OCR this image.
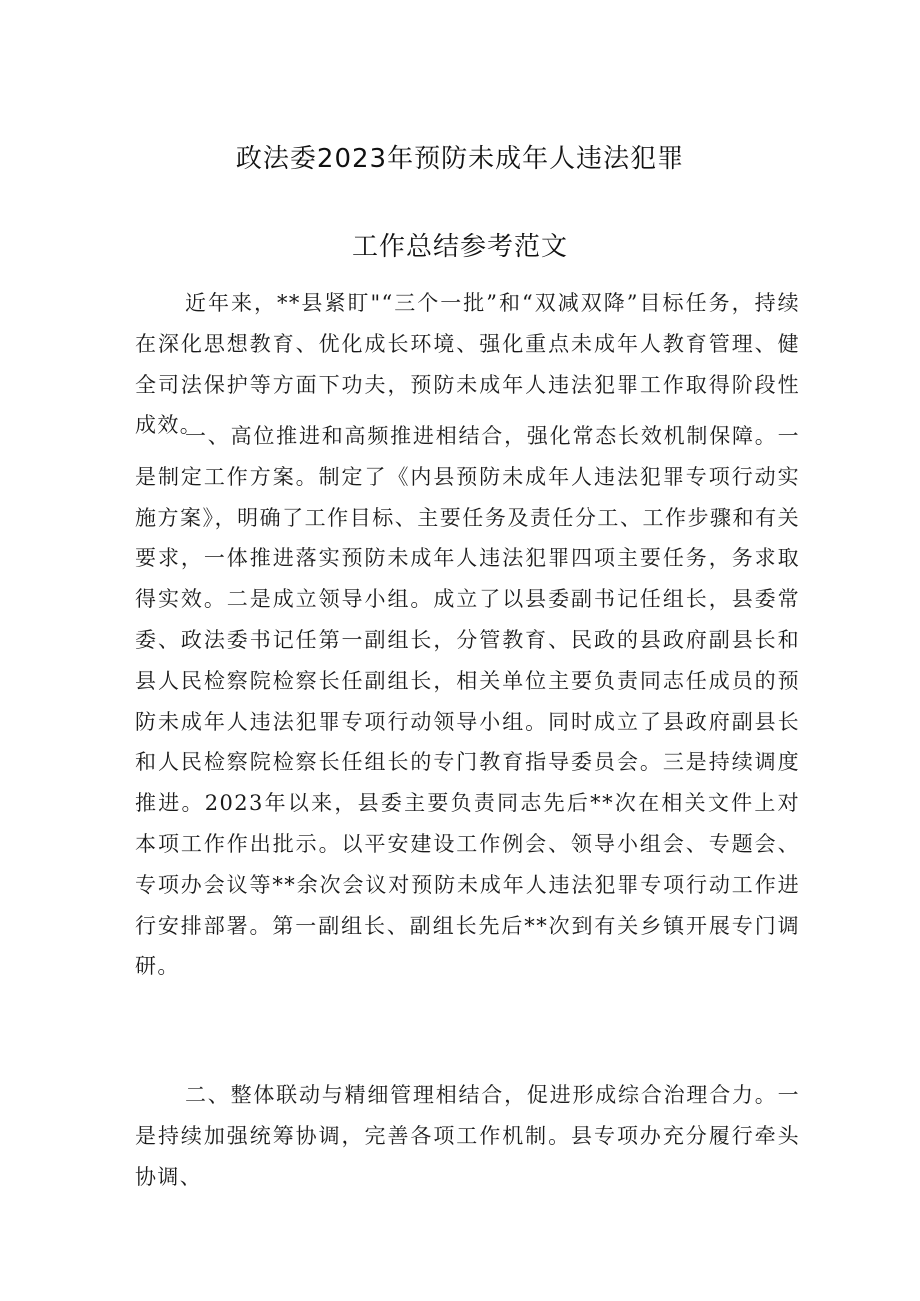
政法委2023年预防未成年人违法犯罪
工作总结参考范文

近年来，**县紧盯"“三个一批”和“双减双降”目标任务，持续在深化思想教育、优化成长环境、强化重点未成年人教育管理、健全司法保护等方面下功夫，预防未成年人违法犯罪工作取得阶段性成效。

一、高位推进和高频推进相结合，强化常态长效机制保障。一是制定工作方案。制定了《内县预防未成年人违法犯罪专项行动实施方案》，明确了工作目标、主要任务及责任分工、工作步骤和有关要求，一体推进落实预防未成年人违法犯罪四项主要任务，务求取得实效。二是成立领导小组。成立了以县委副书记任组长，县委常委、政法委书记任第一副组长，分管教育、民政的县政府副县长和县人民检察院检察长任副组长，相关单位主要负责同志任成员的预防未成年人违法犯罪专项行动领导小组。同时成立了县政府副县长和人民检察院检察长任组长的专门教育指导委员会。三是持续调度推进。2023年以来，县委主要负责同志先后**次在相关文件上对本项工作作出批示。以平安建设工作例会、领导小组会、专题会、专项办会议等**余次会议对预防未成年人违法犯罪专项行动工作进行安排部署。第一副组长、副组长先后**次到有关乡镇开展专门调研。

二、整体联动与精细管理相结合，促进形成综合治理合力。一是持续加强统筹协调，完善各项工作机制。县专项办充分履行牵头协调、
